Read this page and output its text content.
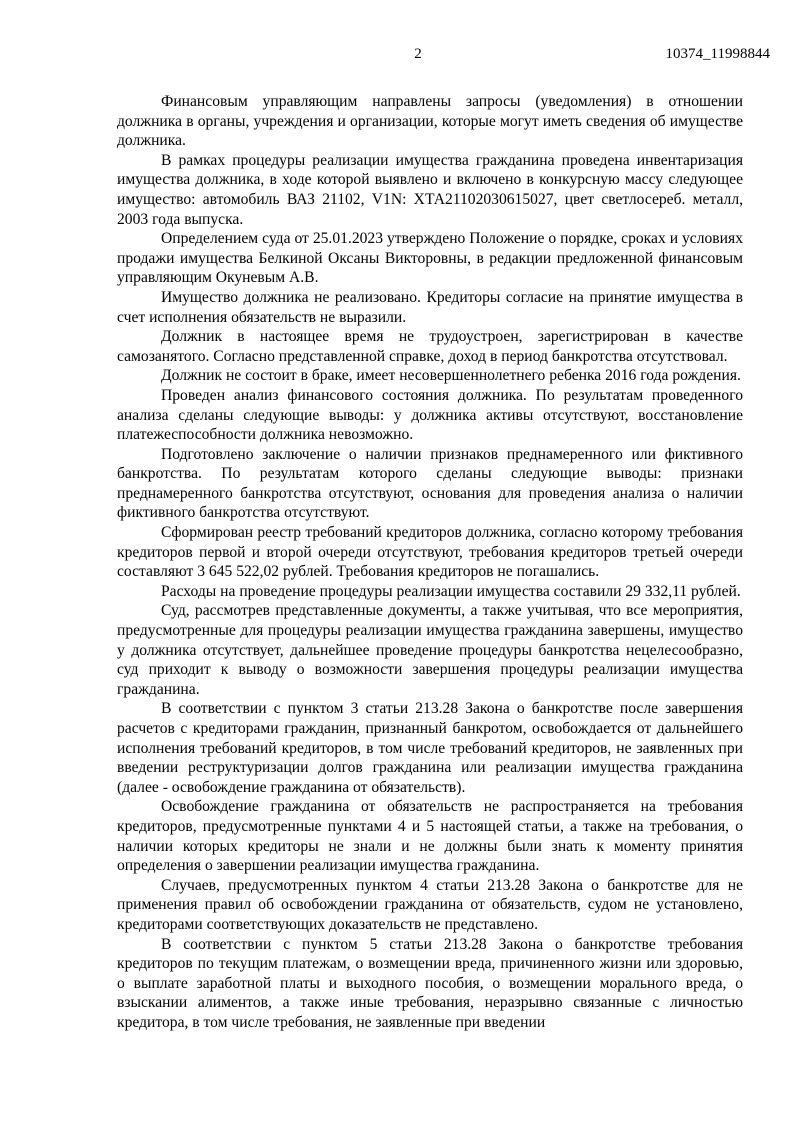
2	10374_11998844

Финансовым управляющим направлены запросы (уведомления) в отношении должника в органы, учреждения и организации, которые могут иметь сведения об имуществе должника.

В рамках процедуры реализации имущества гражданина проведена инвентаризация имущества должника, в ходе которой выявлено и включено в конкурсную массу следующее имущество: автомобиль ВАЗ 21102, V1N: ХТА21102030615027, цвет светлосереб. металл, 2003 года выпуска.

Определением суда от 25.01.2023 утверждено Положение о порядке, сроках и условиях продажи имущества Белкиной Оксаны Викторовны, в редакции предложенной финансовым управляющим Окуневым А.В.

Имущество должника не реализовано. Кредиторы согласие на принятие имущества в счет исполнения обязательств не выразили.

Должник в настоящее время не трудоустроен, зарегистрирован в качестве самозанятого. Согласно представленной справке, доход в период банкротства отсутствовал.

Должник не состоит в браке, имеет несовершеннолетнего ребенка 2016 года рождения.

Проведен анализ финансового состояния должника. По результатам проведенного анализа сделаны следующие выводы: у должника активы отсутствуют, восстановление платежеспособности должника невозможно.

Подготовлено заключение о наличии признаков преднамеренного или фиктивного банкротства. По результатам которого сделаны следующие выводы: признаки преднамеренного банкротства отсутствуют, основания для проведения анализа о наличии фиктивного банкротства отсутствуют.

Сформирован реестр требований кредиторов должника, согласно которому требования кредиторов первой и второй очереди отсутствуют, требования кредиторов третьей очереди составляют 3 645 522,02 рублей. Требования кредиторов не погашались.

Расходы на проведение процедуры реализации имущества составили 29 332,11 рублей.

Суд, рассмотрев представленные документы, а также учитывая, что все мероприятия, предусмотренные для процедуры реализации имущества гражданина завершены, имущество у должника отсутствует, дальнейшее проведение процедуры банкротства нецелесообразно, суд приходит к выводу о возможности завершения процедуры реализации имущества гражданина.

В соответствии с пунктом 3 статьи 213.28 Закона о банкротстве после завершения расчетов с кредиторами гражданин, признанный банкротом, освобождается от дальнейшего исполнения требований кредиторов, в том числе требований кредиторов, не заявленных при введении реструктуризации долгов гражданина или реализации имущества гражданина (далее - освобождение гражданина от обязательств).

Освобождение гражданина от обязательств не распространяется на требования кредиторов, предусмотренные пунктами 4 и 5 настоящей статьи, а также на требования, о наличии которых кредиторы не знали и не должны были знать к моменту принятия определения о завершении реализации имущества гражданина.

Случаев, предусмотренных пунктом 4 статьи 213.28 Закона о банкротстве для не применения правил об освобождении гражданина от обязательств, судом не установлено, кредиторами соответствующих доказательств не представлено.

В соответствии с пунктом 5 статьи 213.28 Закона о банкротстве требования кредиторов по текущим платежам, о возмещении вреда, причиненного жизни или здоровью, о выплате заработной платы и выходного пособия, о возмещении морального вреда, о взыскании алиментов, а также иные требования, неразрывно связанные с личностью кредитора, в том числе требования, не заявленные при введении
